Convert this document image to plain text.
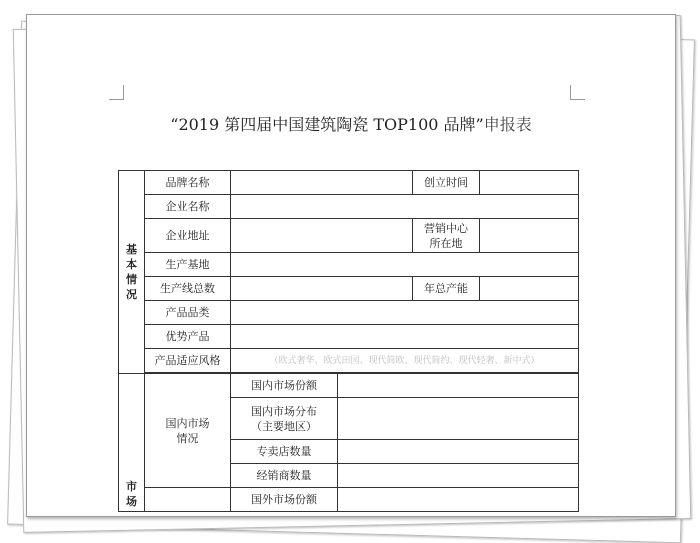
“2019 第四届中国建筑陶瓷 TOP100 品牌”申报表
基本情况	品牌名称			创立时间	
	企业名称				
	企业地址			营销中心所在地	
	生产基地				
	生产线总数			年总产能	
	产品品类				
	优势产品				
	产品适应风格	（欧式奢华、欧式田园、现代简欧、现代简约、现代轻奢、新中式）			

市场	国内市场情况	国内市场份额			
		国内市场分布（主要地区）			
		专卖店数量			
		经销商数量			
		国外市场份额			
